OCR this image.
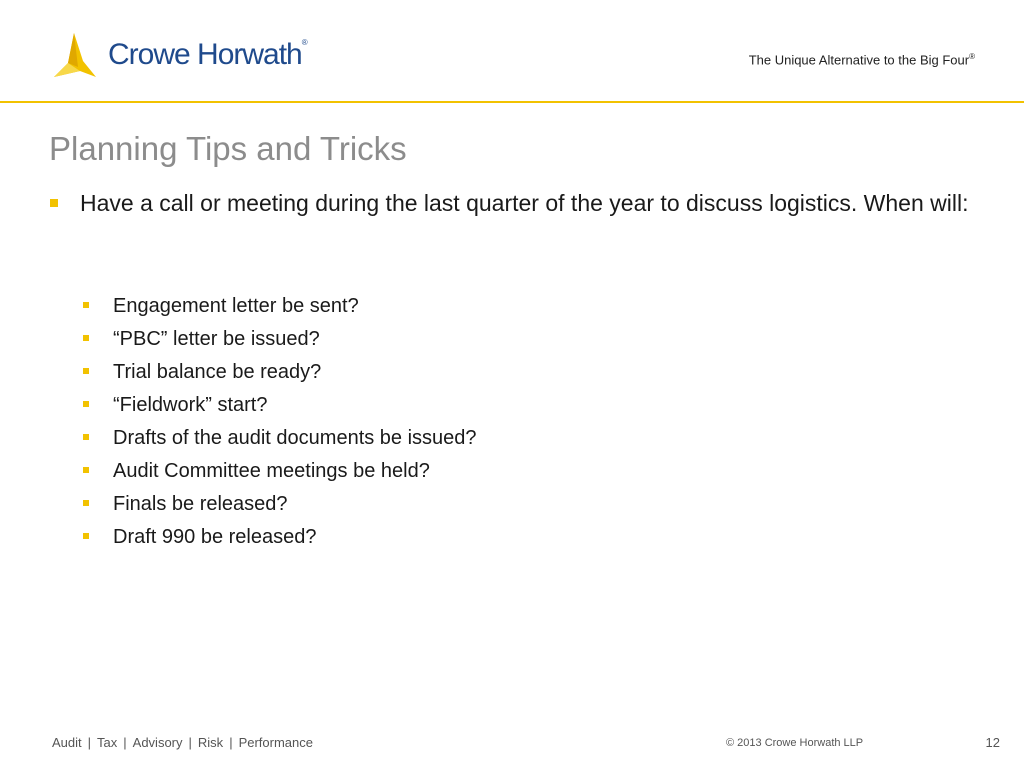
Crowe Horwath®
The Unique Alternative to the Big Four®
Planning Tips and Tricks

Have a call or meeting during the last quarter of the year to discuss logistics. When will:

Engagement letter be sent?
“PBC” letter be issued?
Trial balance be ready?
“Fieldwork” start?
Drafts of the audit documents be issued?
Audit Committee meetings be held?
Finals be released?
Draft 990 be released?
Audit | Tax | Advisory | Risk | Performance	© 2013 Crowe Horwath LLP	12
